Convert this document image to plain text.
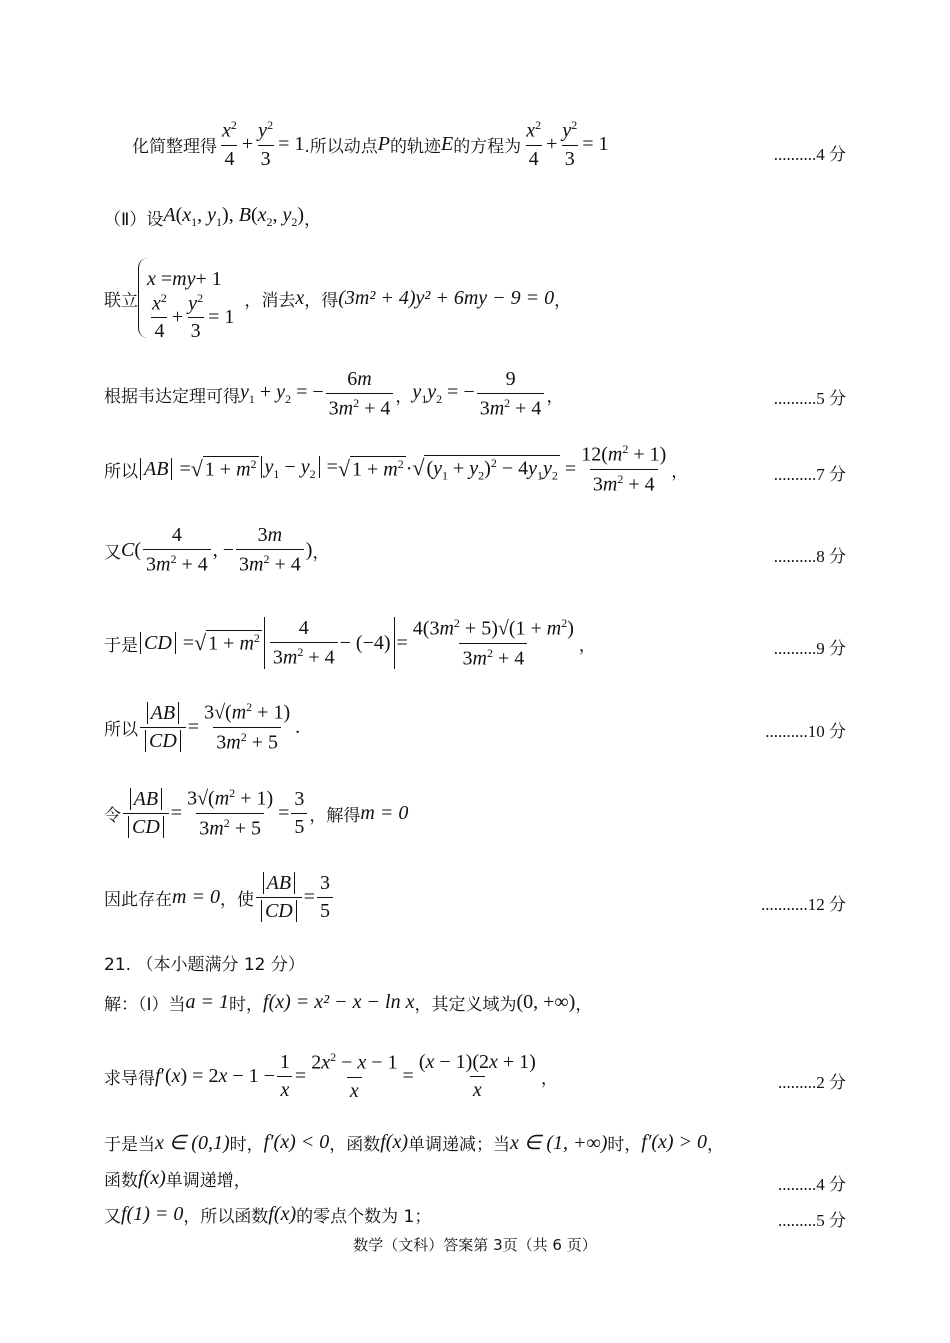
化简整理得 $\frac{x^2}{4} + \frac{y^2}{3} = 1$ .所以动点 P 的轨迹 E 的方程为 $\frac{x^2}{4} + \frac{y^2}{3} = 1$	..........4 分
（Ⅱ）设 $A(x_1$, $y_1$), $B(x_2$, $y_2$) ，
联立
x = my + 1
$\frac{x^2}{4} + \frac{y^2}{3} = 1$
，消去 x ，得 (3m² + 4)y² + 6my − 9 = 0 ，
根据韦达定理可得 $y_1 + y_2$ = − $\frac{6m}{3m^2 + 4}$ ， $y_1y_2$ = − $\frac{9}{3m^2 + 4}$ ，	..........5 分
所以 AB = √ $1 + m^2$ $y_1 - y_2$ = √ $1 + m^2$ · √ $(y_1 + y_2)^2 - 4y_1y_2 = \frac{12(m^2 + 1)}{3m^2 + 4}$ ，	..........7 分
又 $C( \frac{4}{3m^2 + 4}$ , − $\frac{3m}{3m^2 + 4}$ ) ，	..........8 分
于是 CD = √ $1 + m^2 \frac{4}{3m^2 + 4} - (-4) = \frac{4(3m^2 + 5)√(1 + m^2)}{3m^2 + 4}$ ，	..........9 分
所以 $\frac{AB}{CD} = \frac{3√(m^2 + 1)}{3m^2 + 5}$ .	..........10 分
令 $\frac{AB}{CD} = \frac{3√(m^2 + 1)}{3m^2 + 5} = \frac{3}{5}$ ，解得 m = 0
因此存在 m = 0 ，使 $\frac{AB}{CD} = \frac{3}{5}$	...........12 分
21. （本小题满分 12 分）
解：（Ⅰ）当 a = 1 时， f(x) = x² − x − ln x ，其定义域为 (0, +∞) ，
求导得 $f'(x) = 2x - 1 - \frac{1}{x} = \frac{2x^2 - x - 1}{x} = \frac{(x - 1)(2x + 1)}{x}$ ，	.........2 分
于是当 x ∈ (0,1) 时， f′(x) < 0 ，函数 f(x) 单调递减；当 x ∈ (1, +∞) 时， f′(x) > 0 ，
函数 f(x) 单调递增，	.........4 分
又 f(1) = 0 ，所以函数 f(x) 的零点个数为 1；	.........5 分
数学（文科）答案第 3页（共 6 页）
